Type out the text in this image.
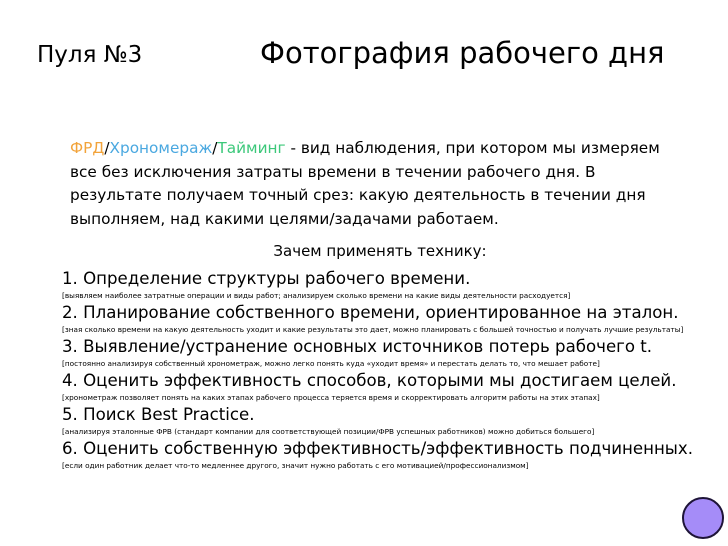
Пуля №3	Фотография рабочего дня
ФРД/Хрономераж/Тайминг - вид наблюдения, при котором мы измеряем все без исключения затраты времени в течении рабочего дня. В результате получаем точный срез: какую деятельность в течении дня выполняем, над какими целями/задачами работаем.
Зачем применять технику:
1. Определение структуры рабочего времени.
[выявляем наиболее затратные операции и виды работ; анализируем сколько времени на какие виды деятельности расходуется]
2. Планирование собственного времени, ориентированное на эталон.
[зная сколько времени на какую деятельность уходит и какие результаты это дает, можно планировать с большей точностью и получать лучшие результаты]
3. Выявление/устранение основных источников потерь рабочего t.
[постоянно анализируя собственный хронометраж, можно легко понять куда «уходит время» и перестать делать то, что мешает работе]
4. Оценить эффективность способов, которыми мы достигаем целей.
[хронометраж позволяет понять на каких этапах рабочего процесса теряется время и скорректировать алгоритм работы на этих этапах]
5. Поиск Best Practice.
[анализируя эталонные ФРВ (стандарт компании для соответствующей позиции/ФРВ успешных работников) можно добиться большего]
6. Оценить собственную эффективность/эффективность подчиненных.
[если один работник делает что-то медленнее другого, значит нужно работать с его мотивацией/профессионализмом]
